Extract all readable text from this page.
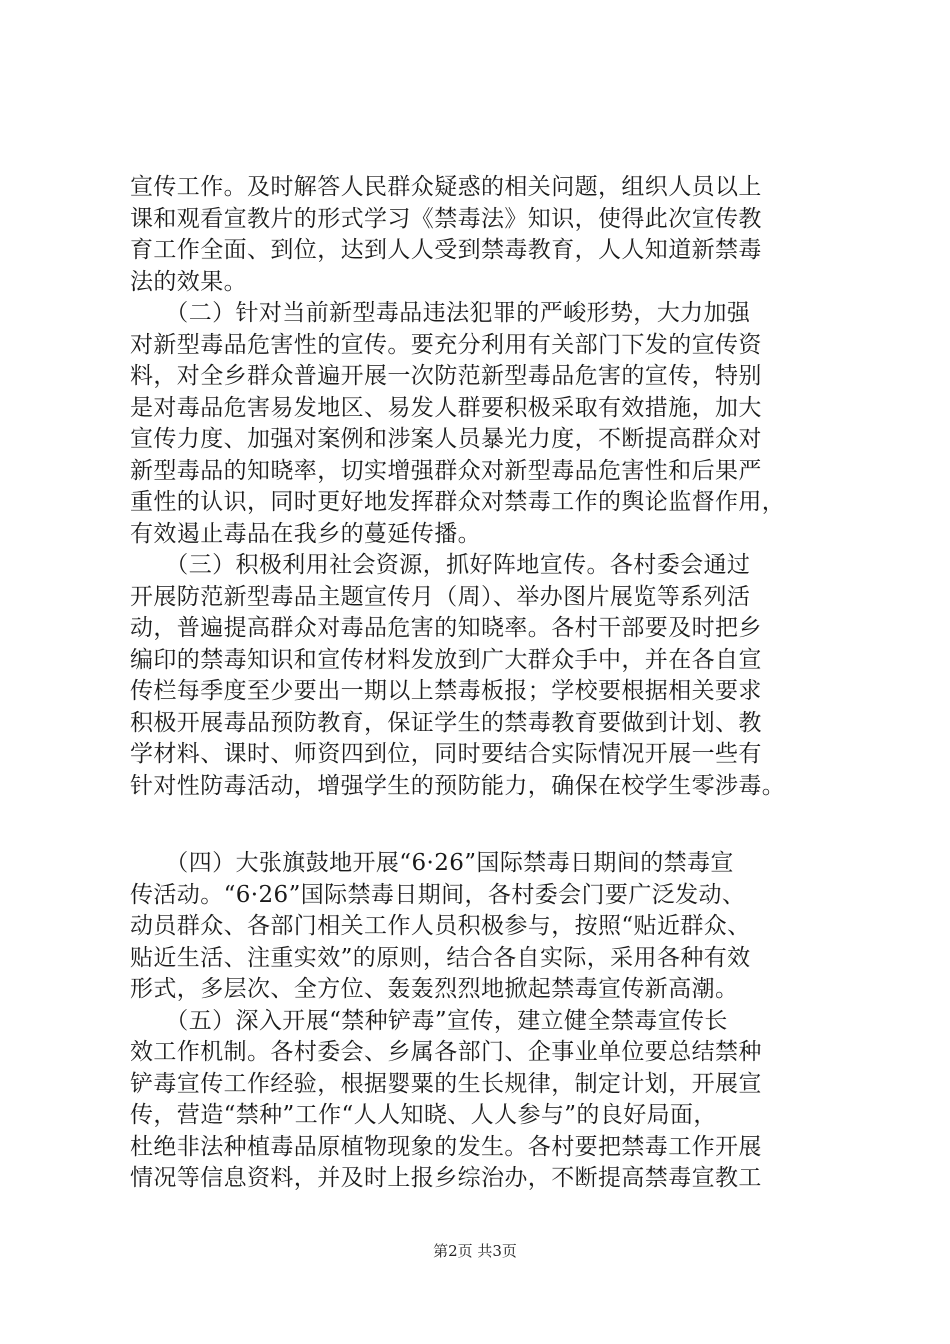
宣传工作。及时解答人民群众疑惑的相关问题，组织人员以上
课和观看宣教片的形式学习《禁毒法》知识，使得此次宣传教
育工作全面、到位，达到人人受到禁毒教育，人人知道新禁毒
法的效果。
　　（二）针对当前新型毒品违法犯罪的严峻形势，大力加强
对新型毒品危害性的宣传。要充分利用有关部门下发的宣传资
料，对全乡群众普遍开展一次防范新型毒品危害的宣传，特别
是对毒品危害易发地区、易发人群要积极采取有效措施，加大
宣传力度、加强对案例和涉案人员暴光力度，不断提高群众对
新型毒品的知晓率，切实增强群众对新型毒品危害性和后果严
重性的认识，同时更好地发挥群众对禁毒工作的舆论监督作用，
有效遏止毒品在我乡的蔓延传播。
　　（三）积极利用社会资源，抓好阵地宣传。各村委会通过
开展防范新型毒品主题宣传月（周）、举办图片展览等系列活
动，普遍提高群众对毒品危害的知晓率。各村干部要及时把乡
编印的禁毒知识和宣传材料发放到广大群众手中，并在各自宣
传栏每季度至少要出一期以上禁毒板报；学校要根据相关要求
积极开展毒品预防教育，保证学生的禁毒教育要做到计划、教
学材料、课时、师资四到位，同时要结合实际情况开展一些有
针对性防毒活动，增强学生的预防能力，确保在校学生零涉毒。
　　（四）大张旗鼓地开展“6·26”国际禁毒日期间的禁毒宣
传活动。“6·26”国际禁毒日期间，各村委会门要广泛发动、
动员群众、各部门相关工作人员积极参与，按照“贴近群众、
贴近生活、注重实效”的原则，结合各自实际，采用各种有效
形式，多层次、全方位、轰轰烈烈地掀起禁毒宣传新高潮。
　　（五）深入开展“禁种铲毒”宣传，建立健全禁毒宣传长
效工作机制。各村委会、乡属各部门、企事业单位要总结禁种
铲毒宣传工作经验，根据婴粟的生长规律，制定计划，开展宣
传，营造“禁种”工作“人人知晓、人人参与”的良好局面，
杜绝非法种植毒品原植物现象的发生。各村要把禁毒工作开展
情况等信息资料，并及时上报乡综治办，不断提高禁毒宣教工
第2页 共3页
